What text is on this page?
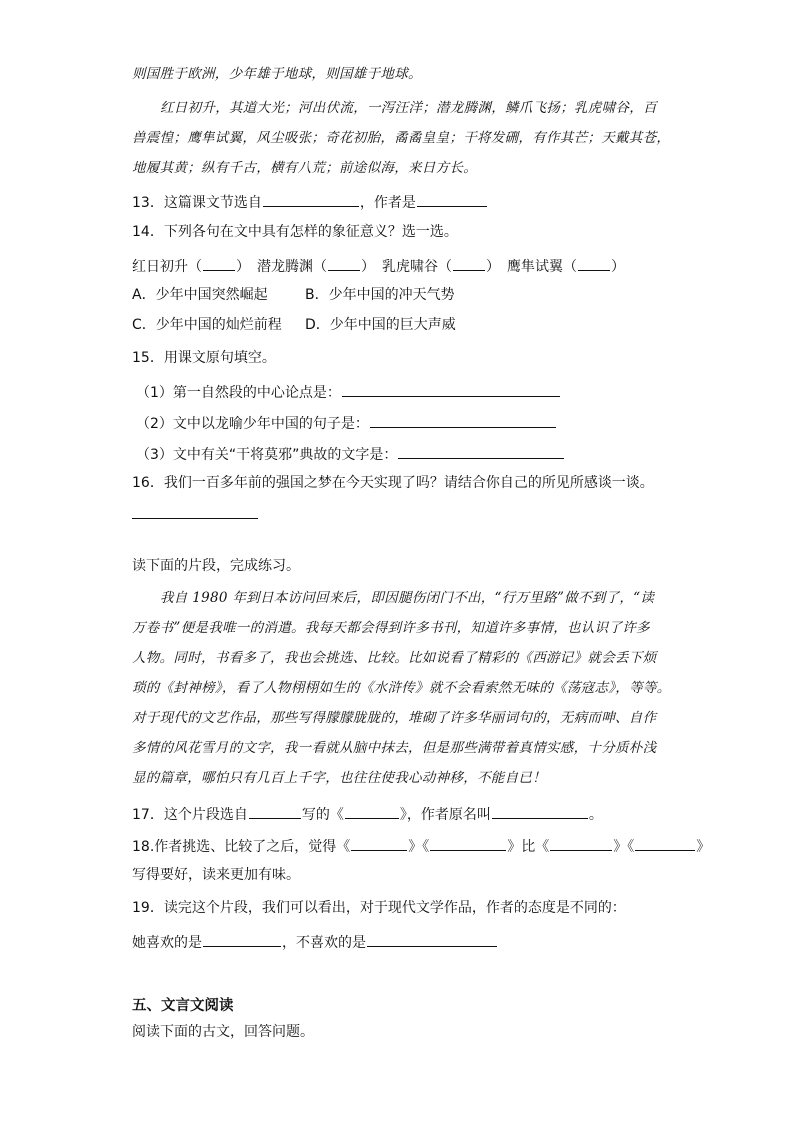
则国胜于欧洲，少年雄于地球，则国雄于地球。
红日初升，其道大光；河出伏流，一泻汪洋；潜龙腾渊，鳞爪飞扬；乳虎啸谷，百
兽震惶；鹰隼试翼，风尘吸张；奇花初胎，矞矞皇皇；干将发硎，有作其芒；天戴其苍，
地履其黄；纵有千古，横有八荒；前途似海，来日方长。
13．这篇课文节选自	，作者是
14．下列各句在文中具有怎样的象征意义？选一选。
红日初升（ ）　潜龙腾渊（ ）　乳虎啸谷（ ）　鹰隼试翼（ ）
A．少年中国突然崛起	B．少年中国的冲天气势
C．少年中国的灿烂前程 D．少年中国的巨大声威
15．用课文原句填空。
（1）第一自然段的中心论点是：
（2）文中以龙喻少年中国的句子是：
（3）文中有关“干将莫邪”典故的文字是：
16．我们一百多年前的强国之梦在今天实现了吗？请结合你自己的所见所感谈一谈。
读下面的片段，完成练习。
我自 1980 年到日本访问回来后，即因腿伤闭门不出，“行万里路”做不到了，“读
万卷书”便是我唯一的消遣。我每天都会得到许多书刊，知道许多事情，也认识了许多
人物。同时，书看多了，我也会挑选、比较。比如说看了精彩的《西游记》就会丢下烦
琐的《封神榜》，看了人物栩栩如生的《水浒传》就不会看索然无味的《荡寇志》，等等。
对于现代的文艺作品，那些写得朦朦胧胧的，堆砌了许多华丽词句的，无病而呻、自作
多情的风花雪月的文字，我一看就从脑中抹去，但是那些满带着真情实感，十分质朴浅
显的篇章，哪怕只有几百上千字，也往往使我心动神移，不能自已！
17．这个片段选自	写的《	》，作者原名叫	。
18.作者挑选、比较了之后，觉得《	》《	》比《	》《	》
写得要好，读来更加有味。
19．读完这个片段，我们可以看出，对于现代文学作品，作者的态度是不同的：
她喜欢的是	，不喜欢的是
五、文言文阅读
阅读下面的古文，回答问题。
